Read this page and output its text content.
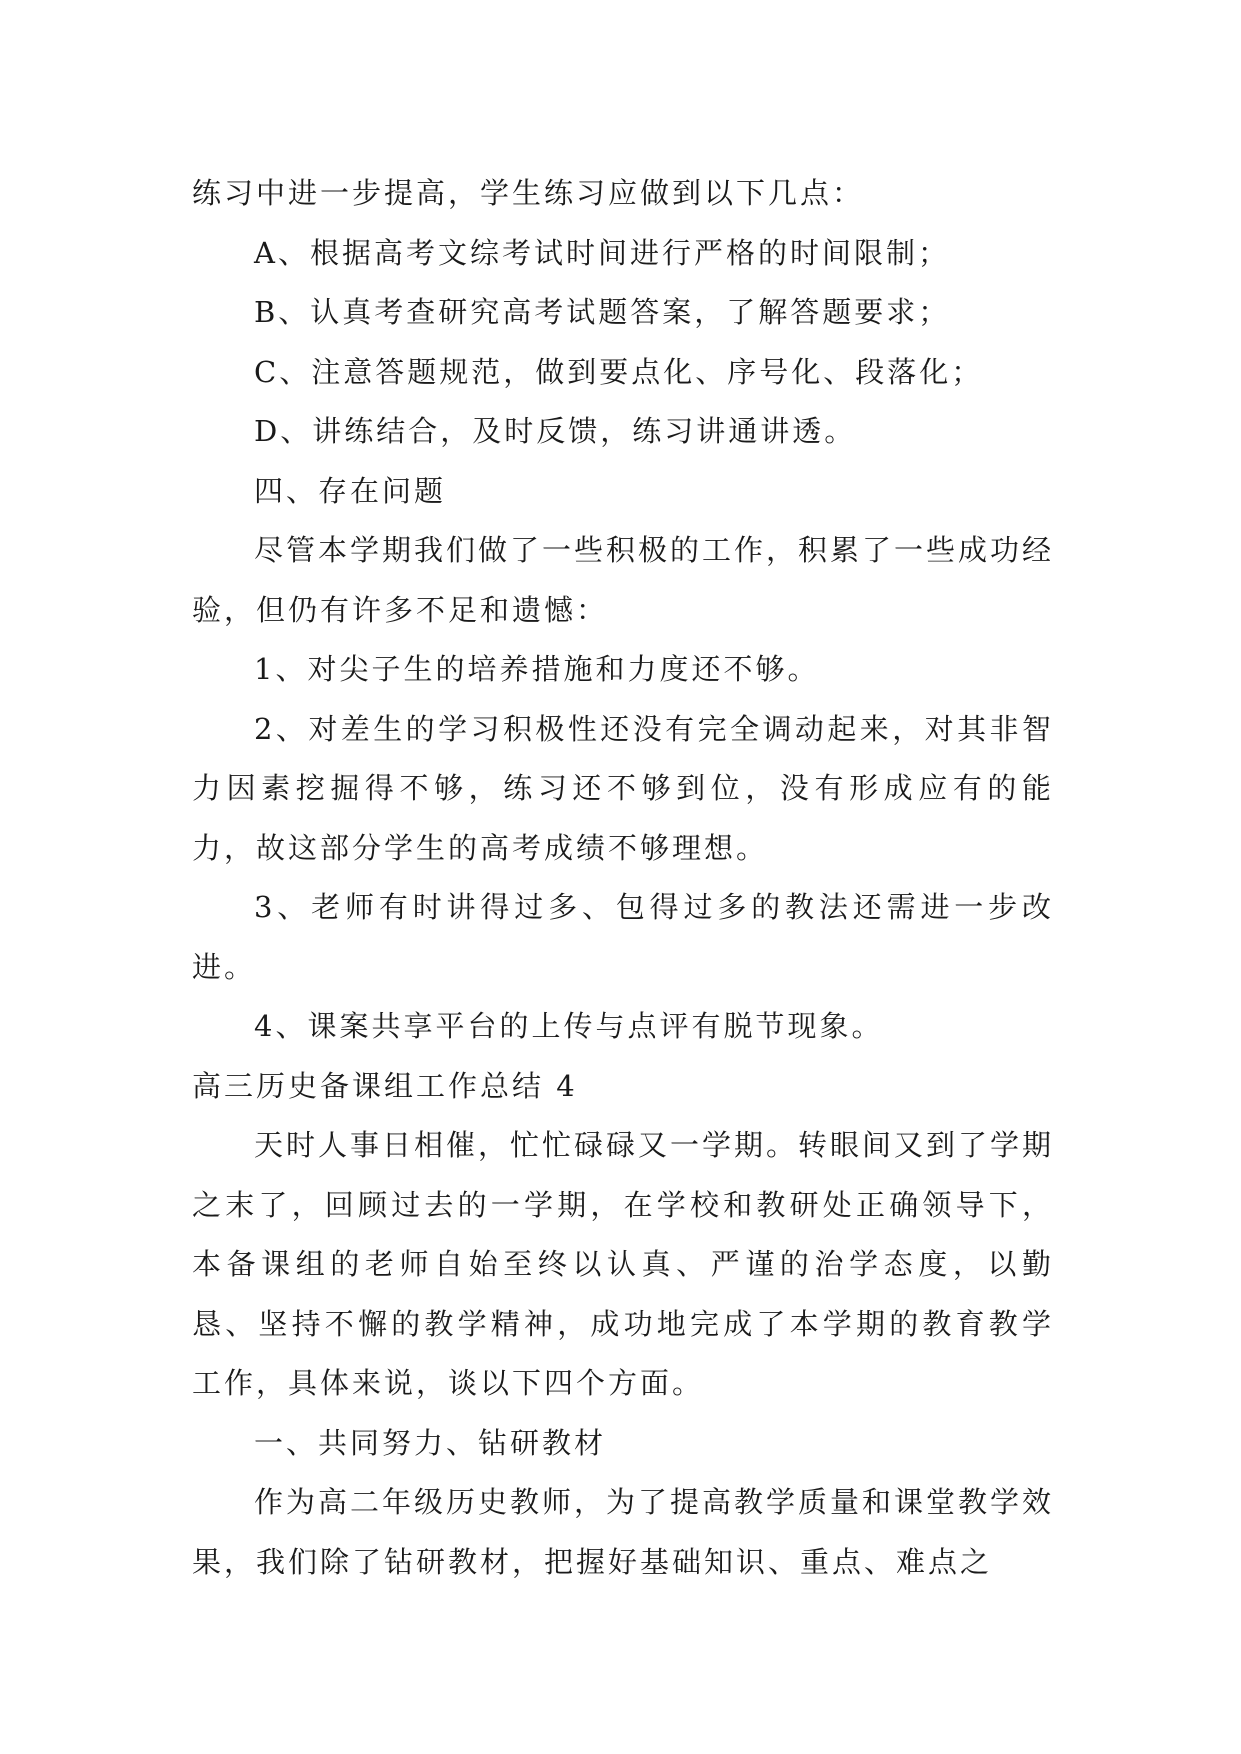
练习中进一步提高，学生练习应做到以下几点：

A、根据高考文综考试时间进行严格的时间限制；

B、认真考查研究高考试题答案，了解答题要求；

C、注意答题规范，做到要点化、序号化、段落化；

D、讲练结合，及时反馈，练习讲通讲透。

四、存在问题

尽管本学期我们做了一些积极的工作，积累了一些成功经验，但仍有许多不足和遗憾：

1、对尖子生的培养措施和力度还不够。

2、对差生的学习积极性还没有完全调动起来，对其非智力因素挖掘得不够，练习还不够到位，没有形成应有的能力，故这部分学生的高考成绩不够理想。

3、老师有时讲得过多、包得过多的教法还需进一步改进。

4、课案共享平台的上传与点评有脱节现象。

高三历史备课组工作总结 4

天时人事日相催，忙忙碌碌又一学期。转眼间又到了学期之末了，回顾过去的一学期，在学校和教研处正确领导下，本备课组的老师自始至终以认真、严谨的治学态度，以勤恳、坚持不懈的教学精神，成功地完成了本学期的教育教学工作，具体来说，谈以下四个方面。

一、共同努力、钻研教材

作为高二年级历史教师，为了提高教学质量和课堂教学效果，我们除了钻研教材，把握好基础知识、重点、难点之
